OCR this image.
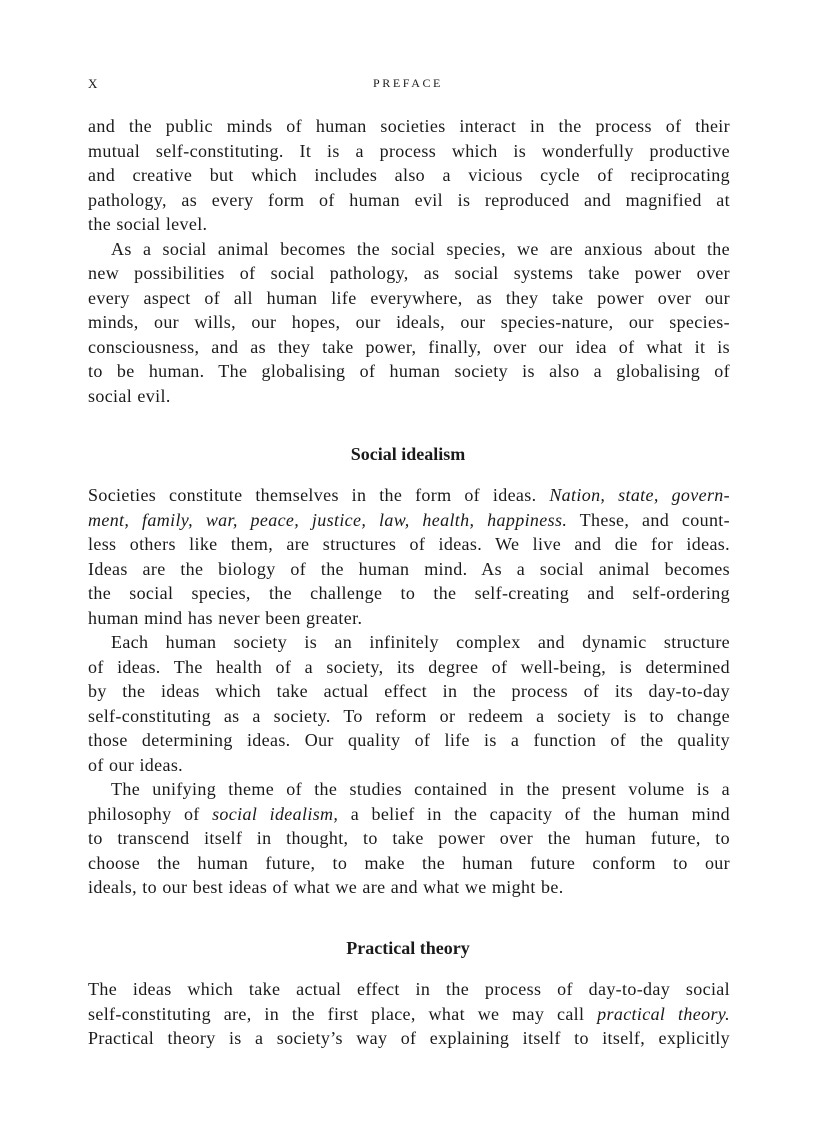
X	PREFACE
and the public minds of human societies interact in the process of their
mutual self-constituting. It is a process which is wonderfully productive
and creative but which includes also a vicious cycle of reciprocating
pathology, as every form of human evil is reproduced and magnified at
the social level.
As a social animal becomes the social species, we are anxious about the
new possibilities of social pathology, as social systems take power over
every aspect of all human life everywhere, as they take power over our
minds, our wills, our hopes, our ideals, our species-nature, our species-
consciousness, and as they take power, finally, over our idea of what it is
to be human. The globalising of human society is also a globalising of
social evil.
Social idealism
Societies constitute themselves in the form of ideas. Nation, state, govern-
ment, family, war, peace, justice, law, health, happiness. These, and count-
less others like them, are structures of ideas. We live and die for ideas.
Ideas are the biology of the human mind. As a social animal becomes
the social species, the challenge to the self-creating and self-ordering
human mind has never been greater.
Each human society is an infinitely complex and dynamic structure
of ideas. The health of a society, its degree of well-being, is determined
by the ideas which take actual effect in the process of its day-to-day
self-constituting as a society. To reform or redeem a society is to change
those determining ideas. Our quality of life is a function of the quality
of our ideas.
The unifying theme of the studies contained in the present volume is a
philosophy of social idealism, a belief in the capacity of the human mind
to transcend itself in thought, to take power over the human future, to
choose the human future, to make the human future conform to our
ideals, to our best ideas of what we are and what we might be.
Practical theory
The ideas which take actual effect in the process of day-to-day social
self-constituting are, in the first place, what we may call practical theory.
Practical theory is a society’s way of explaining itself to itself, explicitly
